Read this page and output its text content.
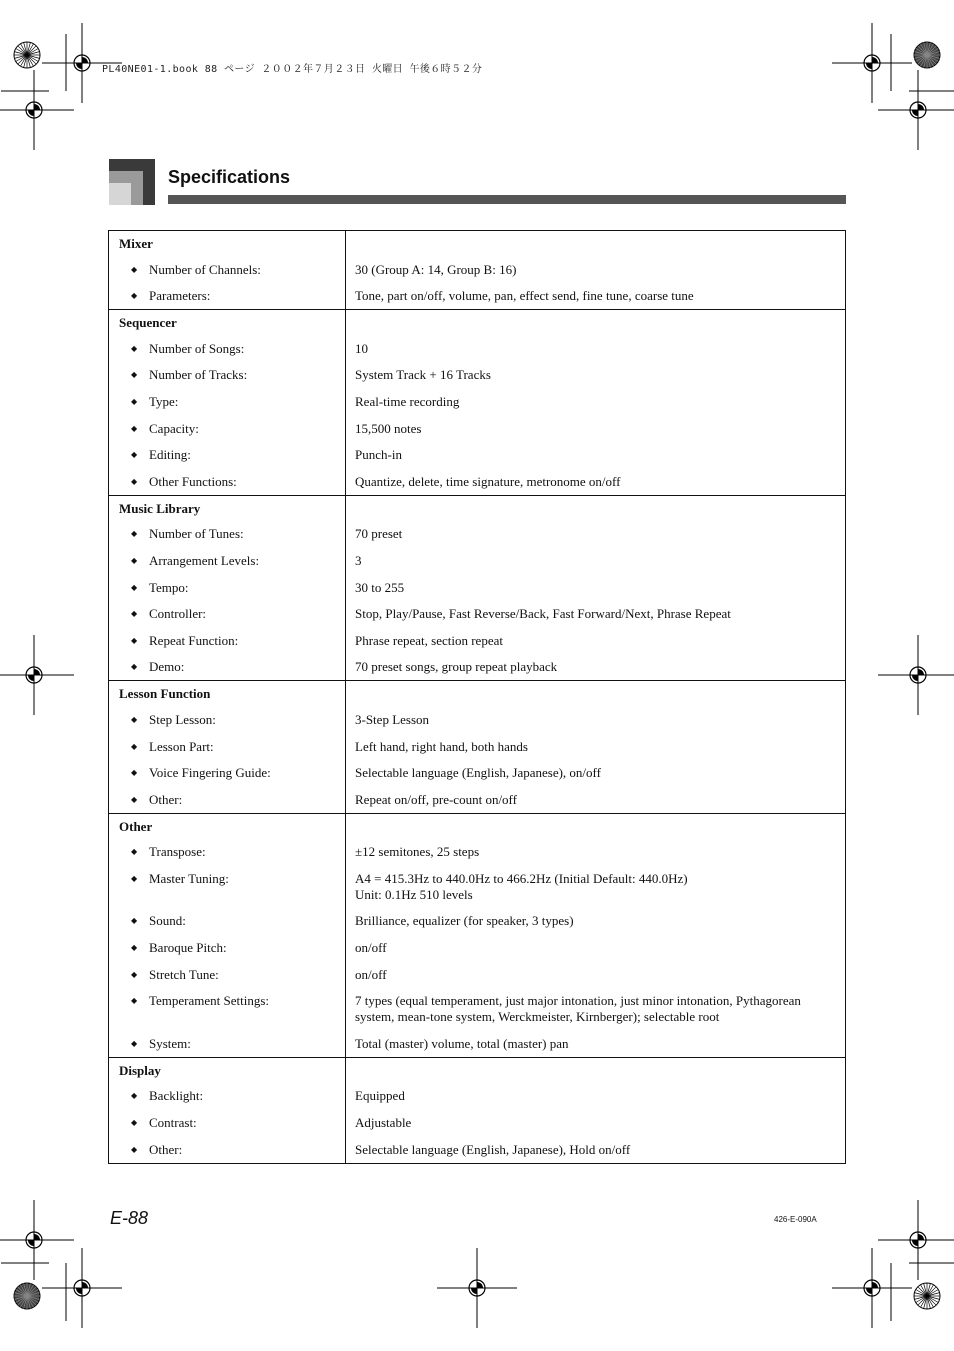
PL40NE01-1.book 88 ページ ２００２年７月２３日 火曜日 午後６時５２分
Specifications
Mixer
◆ Number of Channels:	30 (Group A: 14, Group B: 16)
◆ Parameters:	Tone, part on/off, volume, pan, effect send, fine tune, coarse tune
Sequencer
◆ Number of Songs:	10
◆ Number of Tracks:	System Track + 16 Tracks
◆ Type:	Real-time recording
◆ Capacity:	15,500 notes
◆ Editing:	Punch-in
◆ Other Functions:	Quantize, delete, time signature, metronome on/off
Music Library
◆ Number of Tunes:	70 preset
◆ Arrangement Levels:	3
◆ Tempo:	30 to 255
◆ Controller:	Stop, Play/Pause, Fast Reverse/Back, Fast Forward/Next, Phrase Repeat
◆ Repeat Function:	Phrase repeat, section repeat
◆ Demo:	70 preset songs, group repeat playback
Lesson Function
◆ Step Lesson:	3-Step Lesson
◆ Lesson Part:	Left hand, right hand, both hands
◆ Voice Fingering Guide:	Selectable language (English, Japanese), on/off
◆ Other:	Repeat on/off, pre-count on/off
Other
◆ Transpose:	±12 semitones, 25 steps
◆ Master Tuning:	A4 = 415.3Hz to 440.0Hz to 466.2Hz (Initial Default: 440.0Hz)
Unit: 0.1Hz 510 levels
◆ Sound:	Brilliance, equalizer (for speaker, 3 types)
◆ Baroque Pitch:	on/off
◆ Stretch Tune:	on/off
◆ Temperament Settings:	7 types (equal temperament, just major intonation, just minor intonation, Pythagorean
system, mean-tone system, Werckmeister, Kirnberger); selectable root
◆ System:	Total (master) volume, total (master) pan
Display
◆ Backlight:	Equipped
◆ Contrast:	Adjustable
◆ Other:	Selectable language (English, Japanese), Hold on/off
E-88	426-E-090A
